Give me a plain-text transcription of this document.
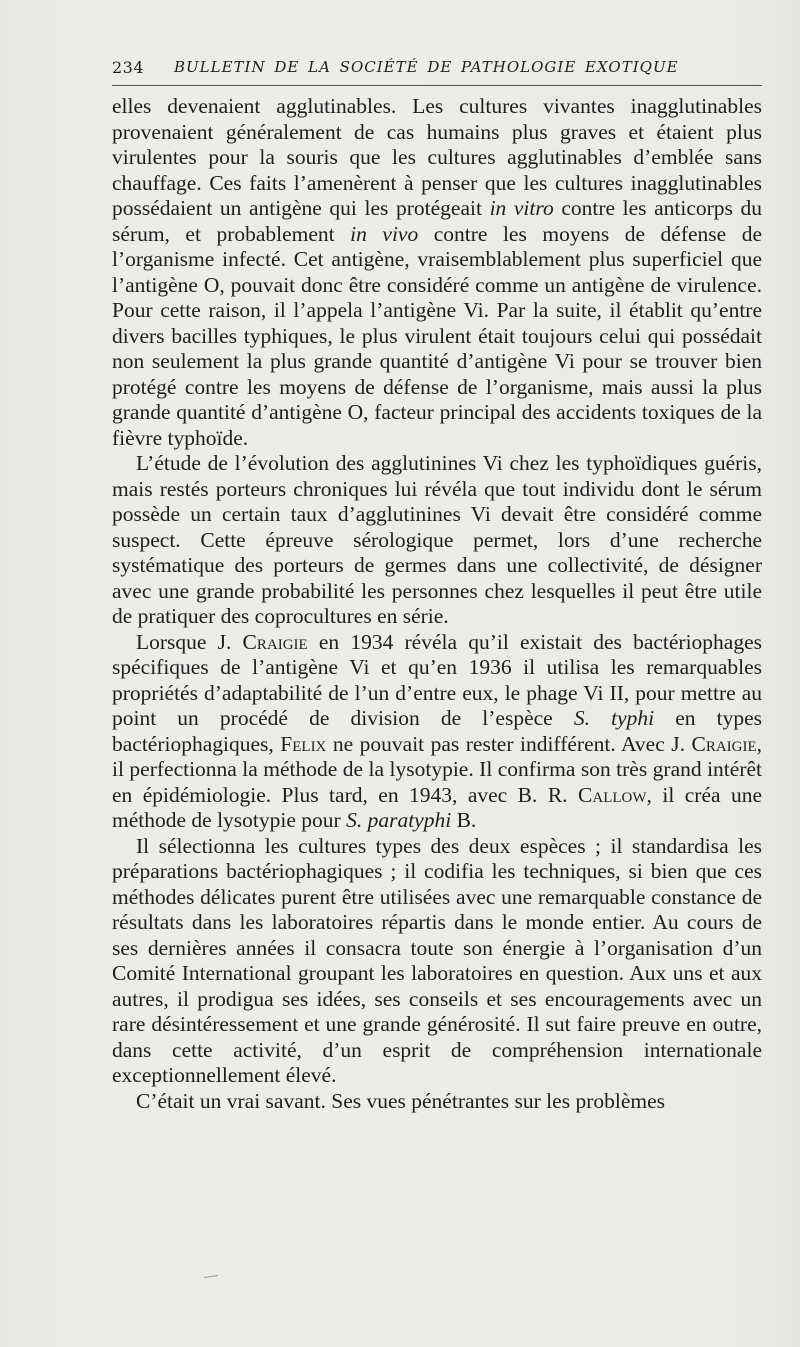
234 BULLETIN DE LA SOCIÉTÉ DE PATHOLOGIE EXOTIQUE

elles devenaient agglutinables. Les cultures vivantes inagglutinables provenaient généralement de cas humains plus graves et étaient plus virulentes pour la souris que les cultures agglutinables d’emblée sans chauffage. Ces faits l’amenèrent à penser que les cultures inagglutinables possédaient un antigène qui les protégeait in vitro contre les anticorps du sérum, et probablement in vivo contre les moyens de défense de l’organisme infecté. Cet antigène, vraisemblablement plus superficiel que l’antigène O, pouvait donc être considéré comme un antigène de virulence. Pour cette raison, il l’appela l’antigène Vi. Par la suite, il établit qu’entre divers bacilles typhiques, le plus virulent était toujours celui qui possédait non seulement la plus grande quantité d’antigène Vi pour se trouver bien protégé contre les moyens de défense de l’organisme, mais aussi la plus grande quantité d’antigène O, facteur principal des accidents toxiques de la fièvre typhoïde.

L’étude de l’évolution des agglutinines Vi chez les typhoïdiques guéris, mais restés porteurs chroniques lui révéla que tout individu dont le sérum possède un certain taux d’agglutinines Vi devait être considéré comme suspect. Cette épreuve sérologique permet, lors d’une recherche systématique des porteurs de germes dans une collectivité, de désigner avec une grande probabilité les personnes chez lesquelles il peut être utile de pratiquer des coprocultures en série.

Lorsque J. Craigie en 1934 révéla qu’il existait des bactériophages spécifiques de l’antigène Vi et qu’en 1936 il utilisa les remarquables propriétés d’adaptabilité de l’un d’entre eux, le phage Vi II, pour mettre au point un procédé de division de l’espèce S. typhi en types bactériophagiques, Felix ne pouvait pas rester indifférent. Avec J. Craigie, il perfectionna la méthode de la lysotypie. Il confirma son très grand intérêt en épidémiologie. Plus tard, en 1943, avec B. R. Callow, il créa une méthode de lysotypie pour S. paratyphi B.

Il sélectionna les cultures types des deux espèces ; il standardisa les préparations bactériophagiques ; il codifia les techniques, si bien que ces méthodes délicates purent être utilisées avec une remarquable constance de résultats dans les laboratoires répartis dans le monde entier. Au cours de ses dernières années il consacra toute son énergie à l’organisation d’un Comité International groupant les laboratoires en question. Aux uns et aux autres, il prodigua ses idées, ses conseils et ses encouragements avec un rare désintéressement et une grande générosité. Il sut faire preuve en outre, dans cette activité, d’un esprit de compréhension internationale exceptionnellement élevé.

C’était un vrai savant. Ses vues pénétrantes sur les problèmes
